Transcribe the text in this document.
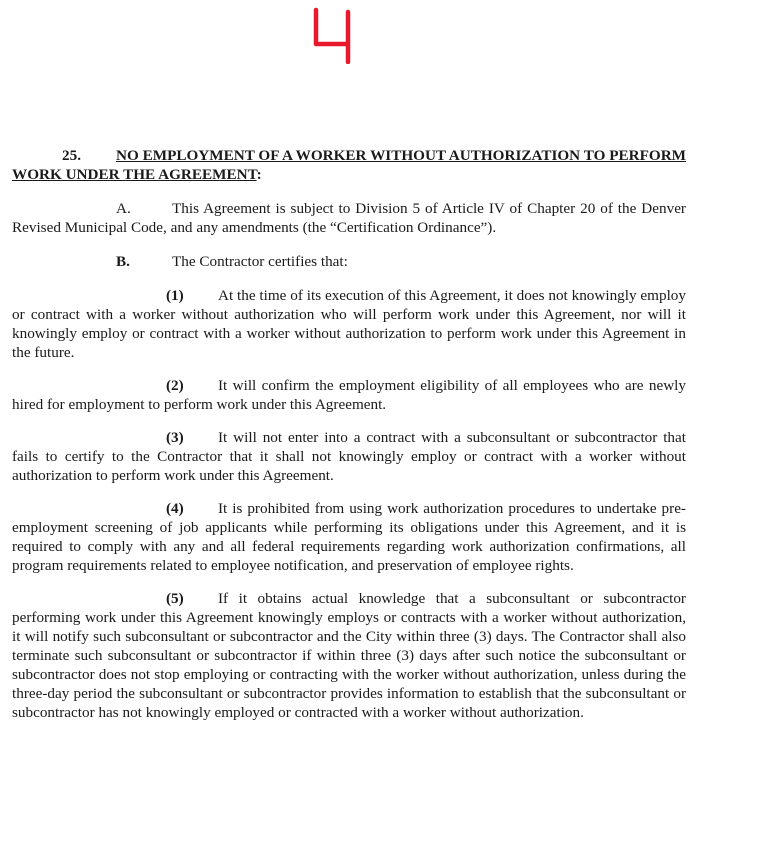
25. NO EMPLOYMENT OF A WORKER WITHOUT AUTHORIZATION TO PERFORM WORK UNDER THE AGREEMENT:

A.	This Agreement is subject to Division 5 of Article IV of Chapter 20 of the Denver Revised Municipal Code, and any amendments (the “Certification Ordinance”).

B.	The Contractor certifies that:

(1) At the time of its execution of this Agreement, it does not knowingly employ or contract with a worker without authorization who will perform work under this Agreement, nor will it knowingly employ or contract with a worker without authorization to perform work under this Agreement in the future.

(2) It will confirm the employment eligibility of all employees who are newly hired for employment to perform work under this Agreement.

(3) It will not enter into a contract with a subconsultant or subcontractor that fails to certify to the Contractor that it shall not knowingly employ or contract with a worker without authorization to perform work under this Agreement.

(4) It is prohibited from using work authorization procedures to undertake pre-employment screening of job applicants while performing its obligations under this Agreement, and it is required to comply with any and all federal requirements regarding work authorization confirmations, all program requirements related to employee notification, and preservation of employee rights.

(5) If it obtains actual knowledge that a subconsultant or subcontractor performing work under this Agreement knowingly employs or contracts with a worker without authorization, it will notify such subconsultant or subcontractor and the City within three (3) days. The Contractor shall also terminate such subconsultant or subcontractor if within three (3) days after such notice the subconsultant or subcontractor does not stop employing or contracting with the worker without authorization, unless during the three-day period the subconsultant or subcontractor provides information to establish that the subconsultant or subcontractor has not knowingly employed or contracted with a worker without authorization.
